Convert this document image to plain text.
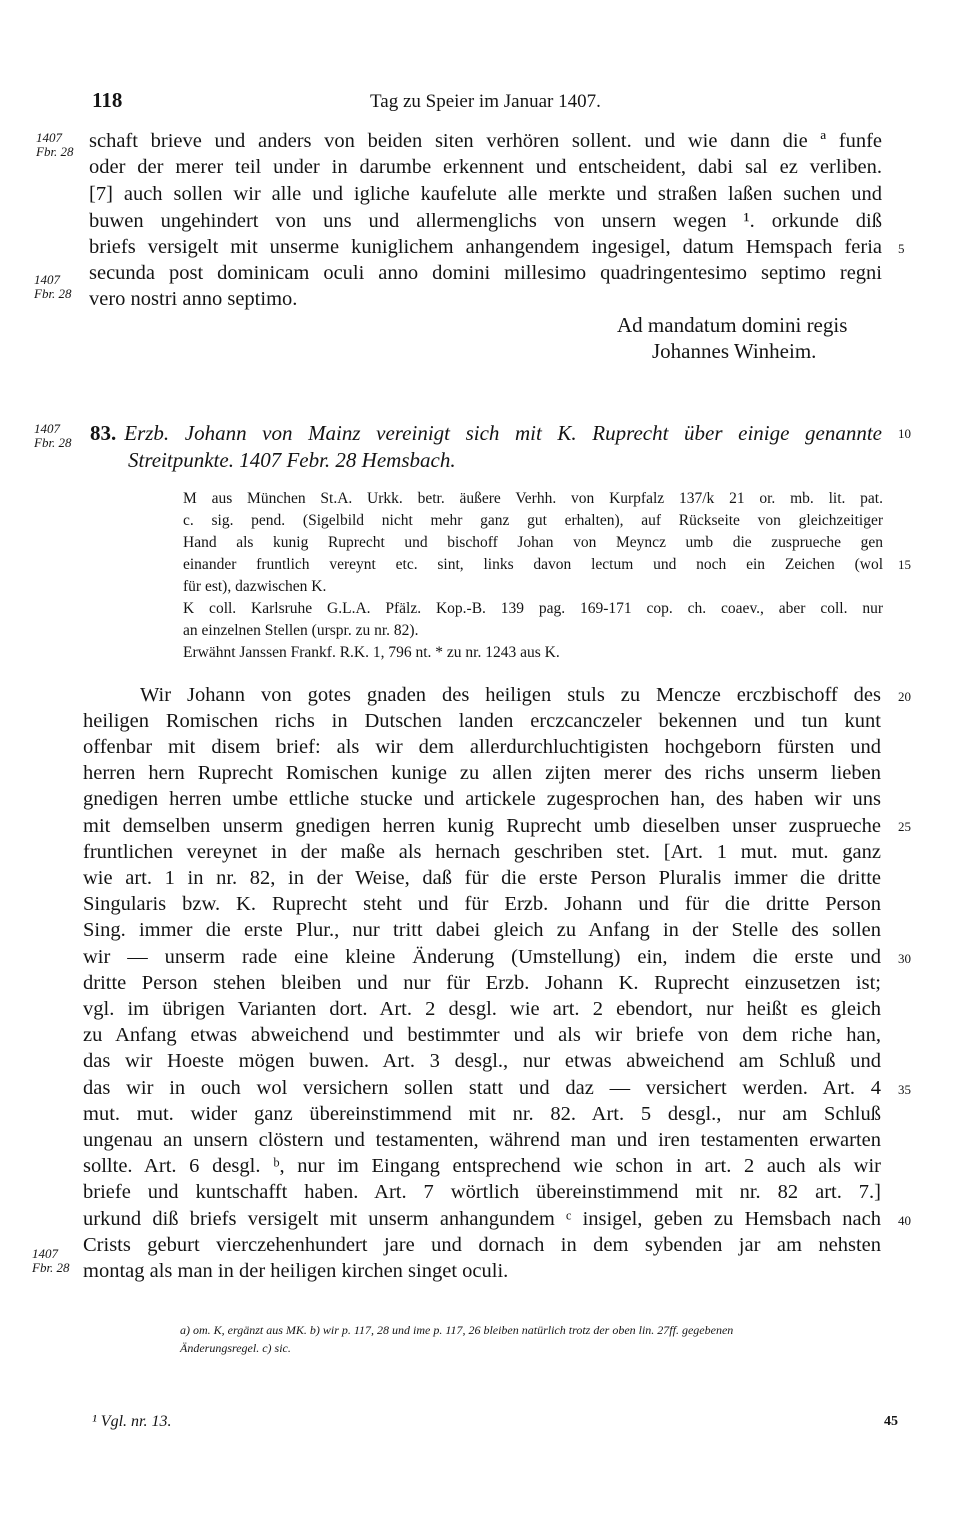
118	Tag zu Speier im Januar 1407.
1407
Fbr. 28
1407
Fbr. 28
1407
Fbr. 28
1407
Fbr. 28
5
10
15
20
25
30
35
40
schaft brieve und anders von beiden siten verhören sollent. und wie dann die ª funfe
oder der merer teil under in darumbe erkennent und entscheident, dabi sal ez verliben.
[7] auch sollen wir alle und igliche kaufelute alle merkte und straßen laßen suchen und
buwen ungehindert von uns und allermenglichs von unsern wegen ¹. orkunde diß
briefs versigelt mit unserme kuniglichem anhangendem ingesigel, datum Hemspach feria
secunda post dominicam oculi anno domini millesimo quadringentesimo septimo regni
vero nostri anno septimo.
Ad mandatum domini regis
Johannes Winheim.
83. Erzb. Johann von Mainz vereinigt sich mit K. Ruprecht über einige genannte
Streitpunkte. 1407 Febr. 28 Hemsbach.
M aus München St.A. Urkk. betr. äußere Verhh. von Kurpfalz 137/k 21 or. mb. lit. pat.
c. sig. pend. (Sigelbild nicht mehr ganz gut erhalten), auf Rückseite von gleichzeitiger
Hand als kunig Ruprecht und bischoff Johan von Meyncz umb die zusprueche gen
einander fruntlich vereynt etc. sint, links davon lectum und noch ein Zeichen (wol
für est), dazwischen K.
K coll. Karlsruhe G.L.A. Pfälz. Kop.-B. 139 pag. 169-171 cop. ch. coaev., aber coll. nur
an einzelnen Stellen (urspr. zu nr. 82).
Erwähnt Janssen Frankf. R.K. 1, 796 nt. * zu nr. 1243 aus K.
Wir Johann von gotes gnaden des heiligen stuls zu Mencze erczbischoff des
heiligen Romischen richs in Dutschen landen erczcanczeler bekennen und tun kunt
offenbar mit disem brief: als wir dem allerdurchluchtigisten hochgeborn fürsten und
herren hern Ruprecht Romischen kunige zu allen zijten merer des richs unserm lieben
gnedigen herren umbe ettliche stucke und artickele zugesprochen han, des haben wir uns
mit demselben unserm gnedigen herren kunig Ruprecht umb dieselben unser zusprueche
fruntlichen vereynet in der maße als hernach geschriben stet. [Art. 1 mut. mut. ganz
wie art. 1 in nr. 82, in der Weise, daß für die erste Person Pluralis immer die dritte
Singularis bzw. K. Ruprecht steht und für Erzb. Johann und für die dritte Person
Sing. immer die erste Plur., nur tritt dabei gleich zu Anfang in der Stelle des sollen
wir — unserm rade eine kleine Änderung (Umstellung) ein, indem die erste und
dritte Person stehen bleiben und nur für Erzb. Johann K. Ruprecht einzusetzen ist;
vgl. im übrigen Varianten dort. Art. 2 desgl. wie art. 2 ebendort, nur heißt es gleich
zu Anfang etwas abweichend und bestimmter und als wir briefe von dem riche han,
das wir Hoeste mögen buwen. Art. 3 desgl., nur etwas abweichend am Schluß und
das wir in ouch wol versichern sollen statt und daz — versichert werden. Art. 4
mut. mut. wider ganz übereinstimmend mit nr. 82. Art. 5 desgl., nur am Schluß
ungenau an unsern clöstern und testamenten, während man und iren testamenten erwarten
sollte. Art. 6 desgl. ᵇ, nur im Eingang entsprechend wie schon in art. 2 auch als wir
briefe und kuntschafft haben. Art. 7 wörtlich übereinstimmend mit nr. 82 art. 7.]
urkund diß briefs versigelt mit unserm anhangundem ᶜ insigel, geben zu Hemsbach nach
Crists geburt vierczehenhundert jare und dornach in dem sybenden jar am nehsten
montag als man in der heiligen kirchen singet oculi.
a) om. K, ergänzt aus MK. b) wir p. 117, 28 und ime p. 117, 26 bleiben natürlich trotz der oben lin. 27ff. gegebenen
Änderungsregel. c) sic.
¹ Vgl. nr. 13.	45
